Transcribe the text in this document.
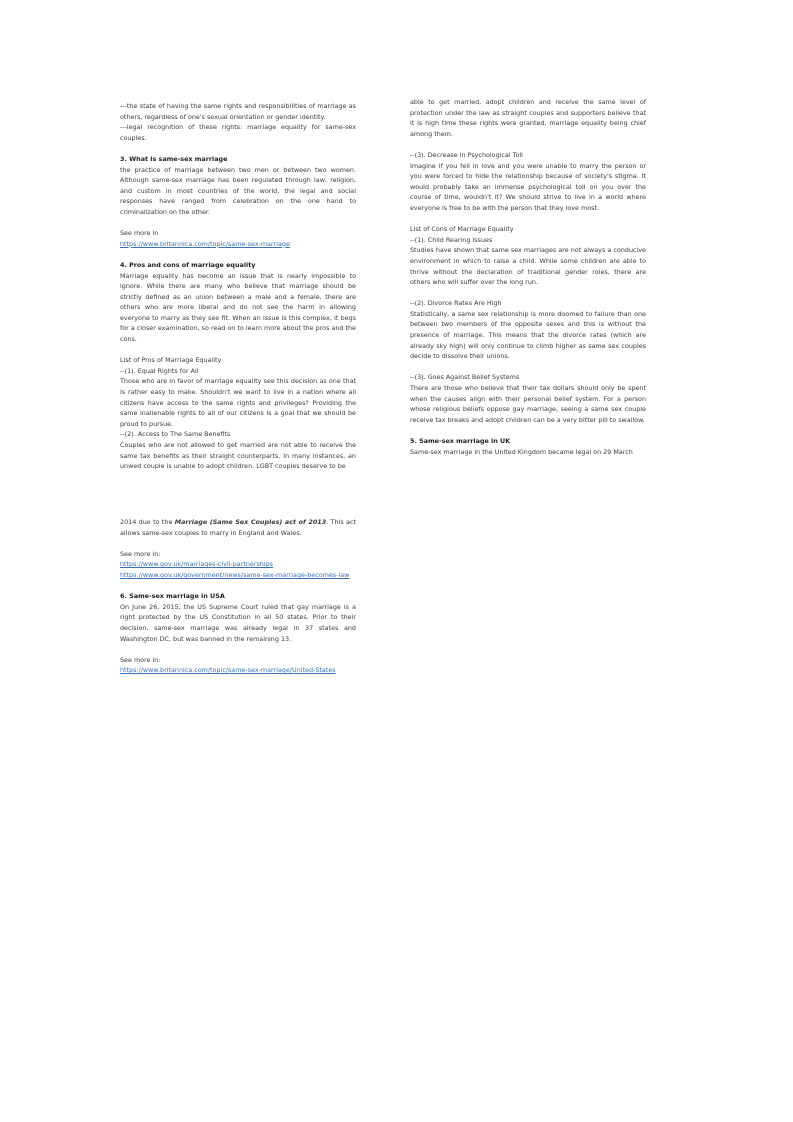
---the state of having the same rights and responsibilities of marriage as others, regardless of one's sexual orientation or gender identity.

---legal recognition of these rights: marriage equality for same-sex couples.

3. What is same-sex marriage

the practice of marriage between two men or between two women. Although same-sex marriage has been regulated through law, religion, and custom in most countries of the world, the legal and social responses have ranged from celebration on the one hand to criminalization on the other.

See more in

https://www.britannica.com/topic/same-sex-marriage

4. Pros and cons of marriage equality

Marriage equality has become an issue that is nearly impossible to ignore. While there are many who believe that marriage should be strictly defined as an union between a male and a female, there are others who are more liberal and do not see the harm in allowing everyone to marry as they see fit. When an issue is this complex, it begs for a closer examination, so read on to learn more about the pros and the cons.

List of Pros of Marriage Equality

--(1). Equal Rights for All

Those who are in favor of marriage equality see this decision as one that is rather easy to make. Shouldn't we want to live in a nation where all citizens have access to the same rights and privileges? Providing the same inalienable rights to all of our citizens is a goal that we should be proud to pursue.

--(2). Access to The Same Benefits

Couples who are not allowed to get married are not able to receive the same tax benefits as their straight counterparts. In many instances, an unwed couple is unable to adopt children. LGBT couples deserve to be

able to get married, adopt children and receive the same level of protection under the law as straight couples and supporters believe that it is high time these rights were granted, marriage equality being chief among them.

--(3). Decrease in Psychological Toll

Imagine if you fell in love and you were unable to marry the person or you were forced to hide the relationship because of society's stigma. It would probably take an immense psychological toll on you over the course of time, wouldn't it? We should strive to live in a world where everyone is free to be with the person that they love most.

List of Cons of Marriage Equality

--(1). Child Rearing Issues

Studies have shown that same sex marriages are not always a conducive environment in which to raise a child. While some children are able to thrive without the declaration of traditional gender roles, there are others who will suffer over the long run.

--(2). Divorce Rates Are High

Statistically, a same sex relationship is more doomed to failure than one between two members of the opposite sexes and this is without the presence of marriage. This means that the divorce rates (which are already sky high) will only continue to climb higher as same sex couples decide to dissolve their unions.

--(3). Goes Against Belief Systems

There are those who believe that their tax dollars should only be spent when the causes align with their personal belief system. For a person whose religious beliefs oppose gay marriage, seeing a same sex couple receive tax breaks and adopt children can be a very bitter pill to swallow.

5. Same-sex marriage in UK

Same-sex marriage in the United Kingdom became legal on 29 March

2014 due to the Marriage (Same Sex Couples) act of 2013. This act allows same-sex couples to marry in England and Wales.

See more in:

https://www.gov.uk/marriages-civil-partnerships
https://www.gov.uk/government/news/same-sex-marriage-becomes-law

6. Same-sex marriage in USA

On June 26, 2015, the US Supreme Court ruled that gay marriage is a right protected by the US Constitution in all 50 states. Prior to their decision, same-sex marriage was already legal in 37 states and Washington DC, but was banned in the remaining 13.

See more in:

https://www.britannica.com/topic/same-sex-marriage/United-States
